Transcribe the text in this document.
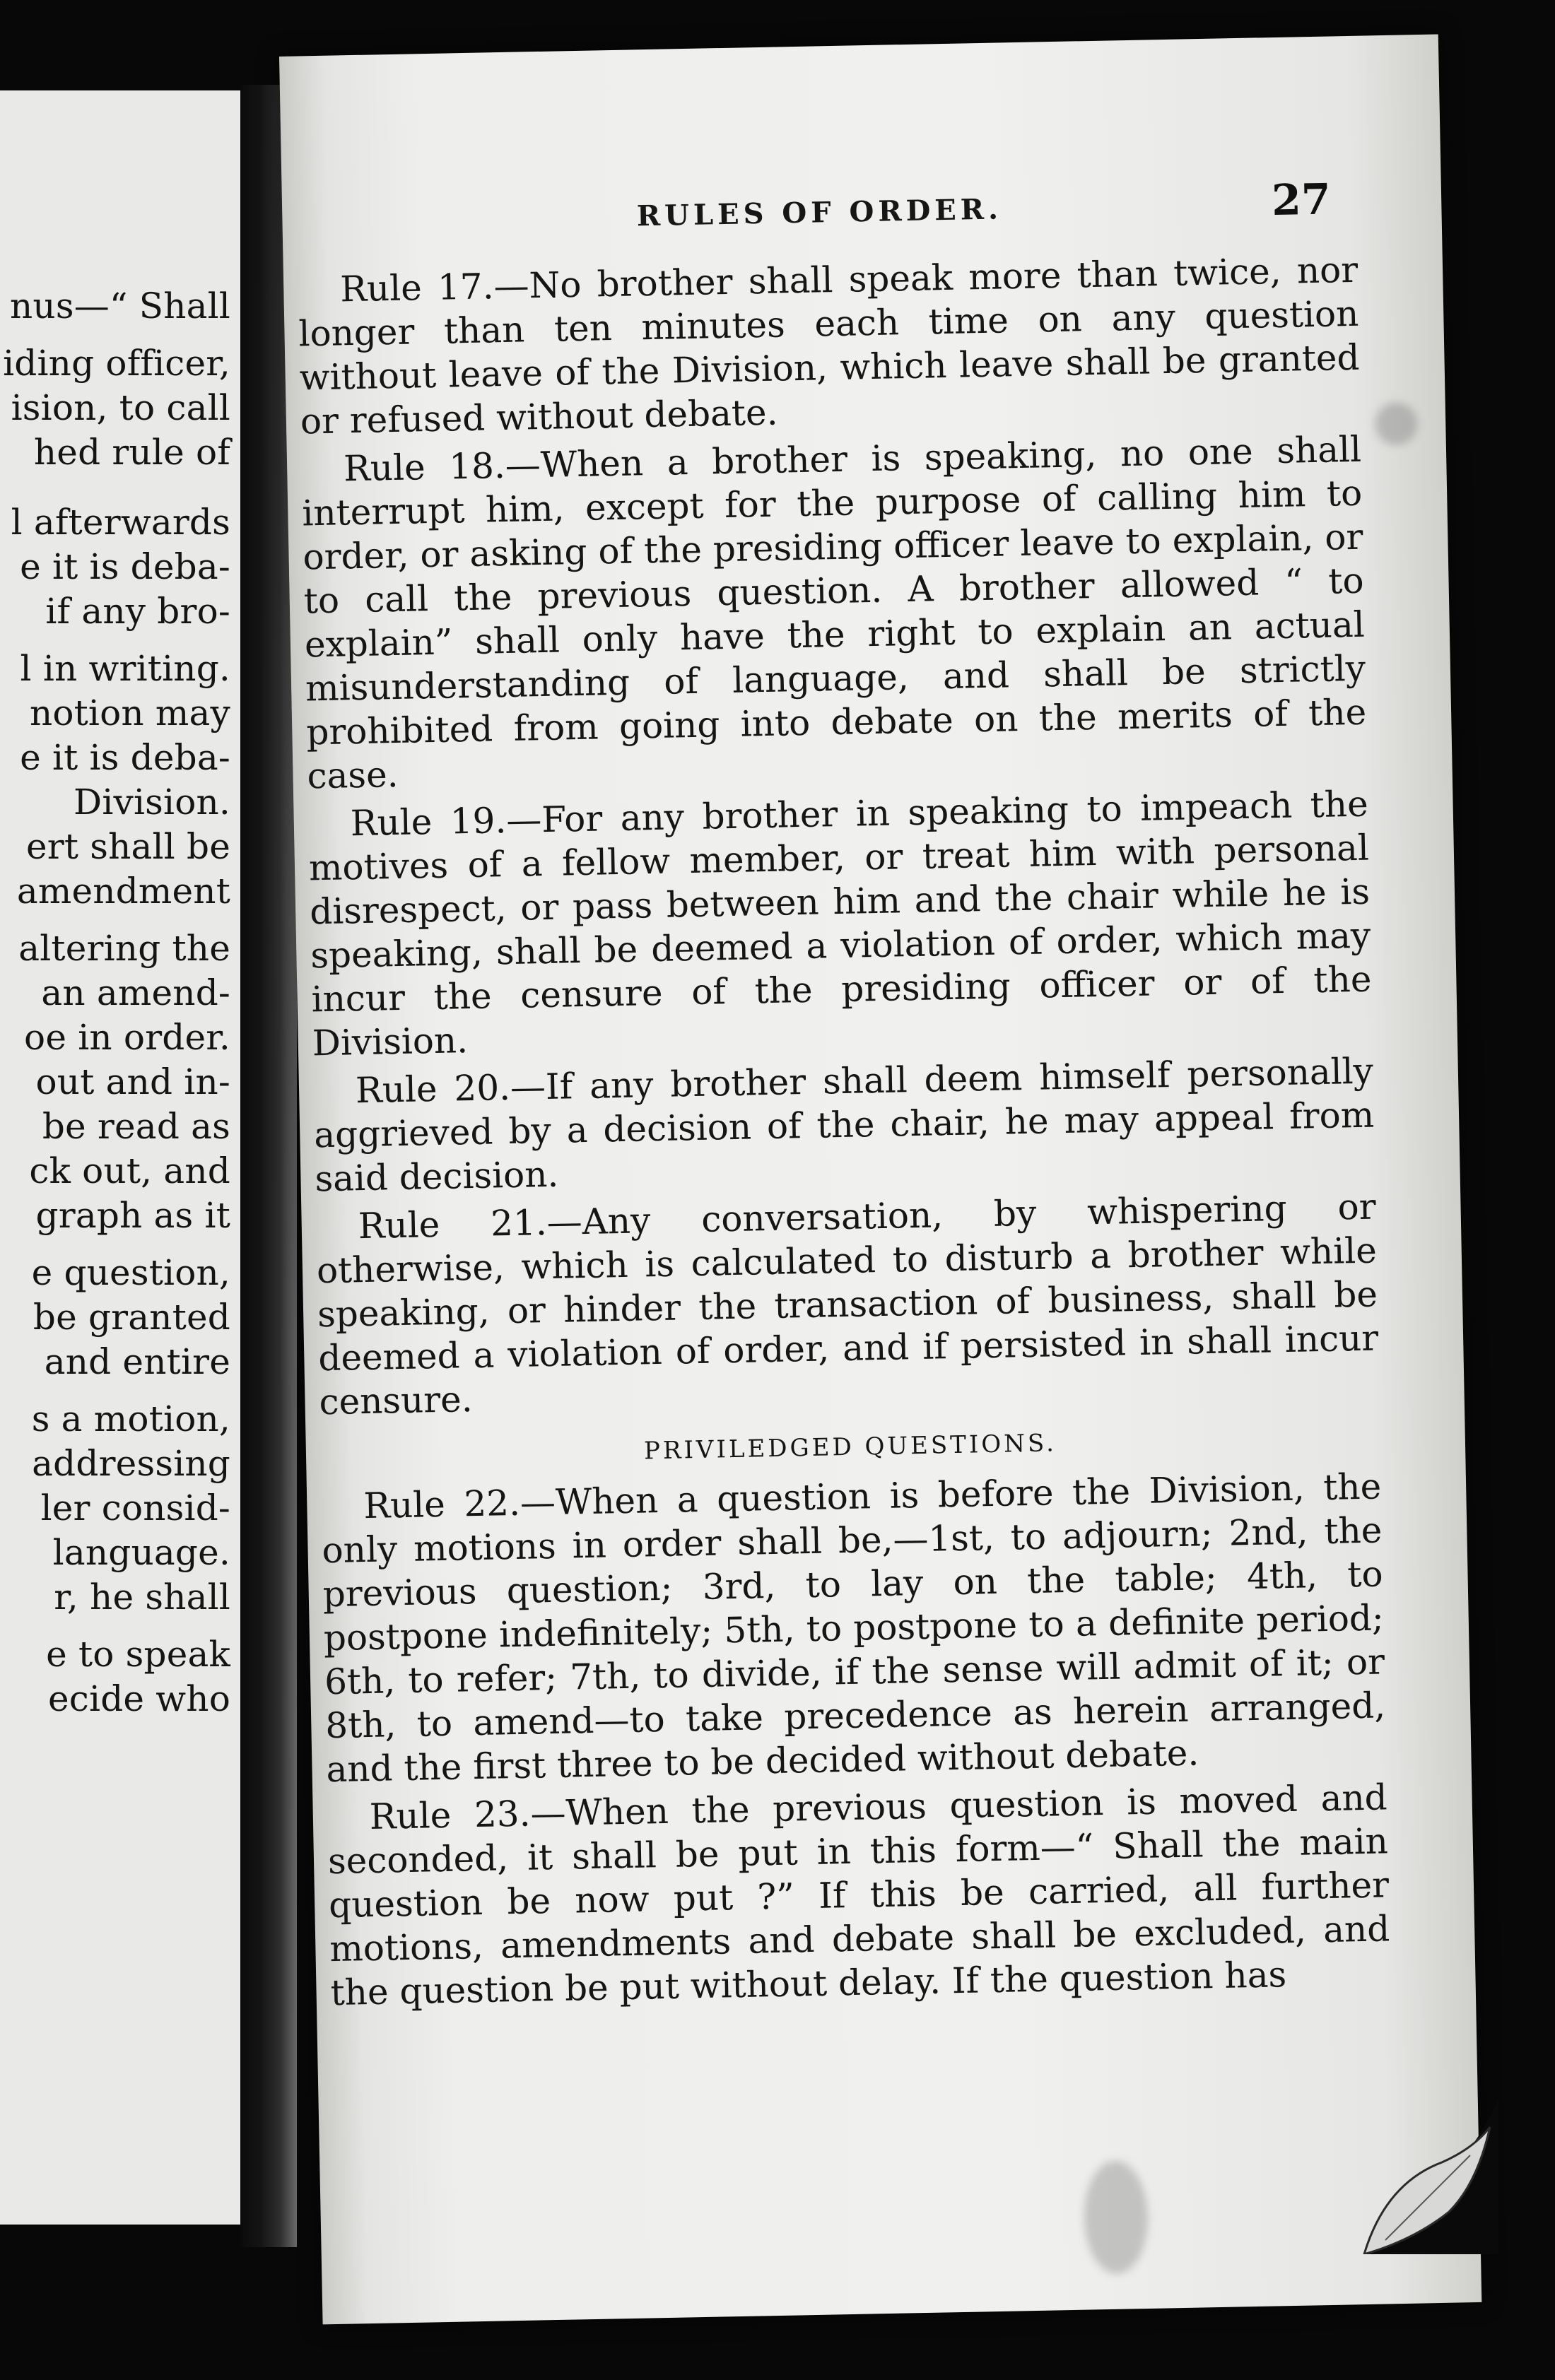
nus—“ Shall
iding officer,
ision, to call
hed rule of
l afterwards
e it is deba-
if any bro-
l in writing.
notion may
e it is deba-
Division.
ert shall be
amendment
altering the
an amend-
oe in order.
out and in-
be read as
ck out, and
graph as it
e question,
be granted
and entire
s a motion,
addressing
ler consid-
language.
r, he shall
e to speak
ecide who
RULES OF ORDER.	27

Rule 17.—No brother shall speak more than twice, nor longer than ten minutes each time on any question without leave of the Division, which leave shall be granted or refused without debate.

Rule 18.—When a brother is speaking, no one shall interrupt him, except for the purpose of calling him to order, or asking of the presiding officer leave to explain, or to call the previous question. A brother allowed “ to explain” shall only have the right to explain an actual misunderstanding of language, and shall be strictly prohibited from going into debate on the merits of the case.

Rule 19.—For any brother in speaking to impeach the motives of a fellow member, or treat him with personal disrespect, or pass between him and the chair while he is speaking, shall be deemed a violation of order, which may incur the censure of the presiding officer or of the Division.

Rule 20.—If any brother shall deem himself personally aggrieved by a decision of the chair, he may appeal from said decision.

Rule 21.—Any conversation, by whispering or otherwise, which is calculated to disturb a brother while speaking, or hinder the transaction of business, shall be deemed a violation of order, and if persisted in shall incur censure.

PRIVILEDGED QUESTIONS.

Rule 22.—When a question is before the Division, the only motions in order shall be,—1st, to adjourn; 2nd, the previous question; 3rd, to lay on the table; 4th, to postpone indefinitely; 5th, to postpone to a definite period; 6th, to refer; 7th, to divide, if the sense will admit of it; or 8th, to amend—to take precedence as herein arranged, and the first three to be decided without debate.

Rule 23.—When the previous question is moved and seconded, it shall be put in this form—“ Shall the main question be now put ?” If this be carried, all further motions, amendments and debate shall be excluded, and the question be put without delay. If the question has
